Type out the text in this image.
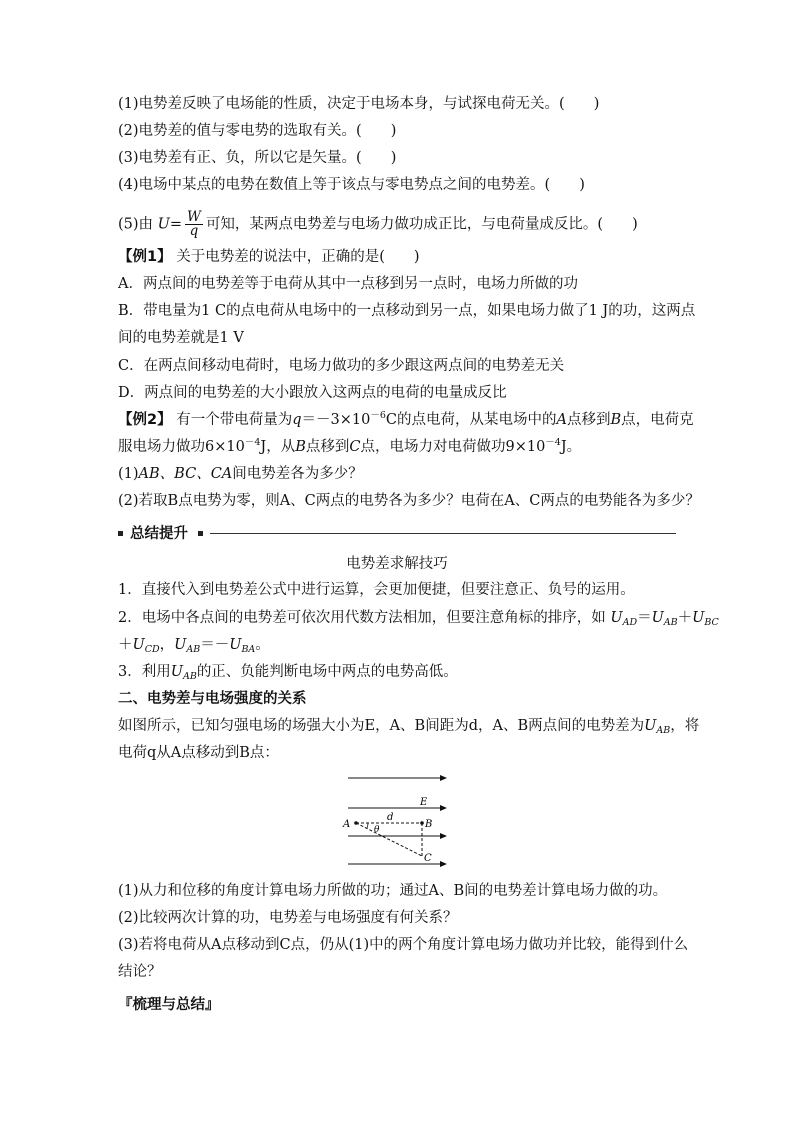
(1)电势差反映了电场能的性质，决定于电场本身，与试探电荷无关。(　　)
(2)电势差的值与零电势的选取有关。(　　)
(3)电势差有正、负，所以它是矢量。(　　)
(4)电场中某点的电势在数值上等于该点与零电势点之间的电势差。(　　)
(5)由 $U= \frac{W}{q}$ 可知，某两点电势差与电场力做功成正比，与电荷量成反比。(　　)
【例1】 关于电势差的说法中，正确的是(　　)
A．两点间的电势差等于电荷从其中一点移到另一点时，电场力所做的功
B．带电量为1 C的点电荷从电场中的一点移动到另一点，如果电场力做了1 J的功，这两点
间的电势差就是1 V
C．在两点间移动电荷时，电场力做功的多少跟这两点间的电势差无关
D．两点间的电势差的大小跟放入这两点的电荷的电量成反比
【例2】 有一个带电荷量为$q=-3\times 10^{-6}C$的点电荷，从某电场中的A点移到B点，电荷克
服电场力做功$6\times 10^{-4}J$，从B点移到C点，电场力对电荷做功$9\times 10^{-4}J$。
(1)AB、BC、CA间电势差各为多少？
(2)若取B点电势为零，则A、C两点的电势各为多少？电荷在A、C两点的电势能各为多少？
总结提升
电势差求解技巧
1．直接代入到电势差公式中进行运算，会更加便捷，但要注意正、负号的运用。
2．电场中各点间的电势差可依次用代数方法相加，但要注意角标的排序，如 $U_{AD}=U_{AB}+U_{BC}$
$+U_{CD}$，$U_{AB}=-U_{BA}$。
3．利用$U_{AB}$的正、负能判断电场中两点的电势高低。
二、电势差与电场强度的关系
如图所示，已知匀强电场的场强大小为E，A、B间距为d，A、B两点间的电势差为$U_{AB}$，将
电荷q从A点移动到B点：
E
d
A	B
C
θ
(1)从力和位移的角度计算电场力所做的功；通过A、B间的电势差计算电场力做的功。
(2)比较两次计算的功，电势差与电场强度有何关系？
(3)若将电荷从A点移动到C点，仍从(1)中的两个角度计算电场力做功并比较，能得到什么
结论？
『梳理与总结』
